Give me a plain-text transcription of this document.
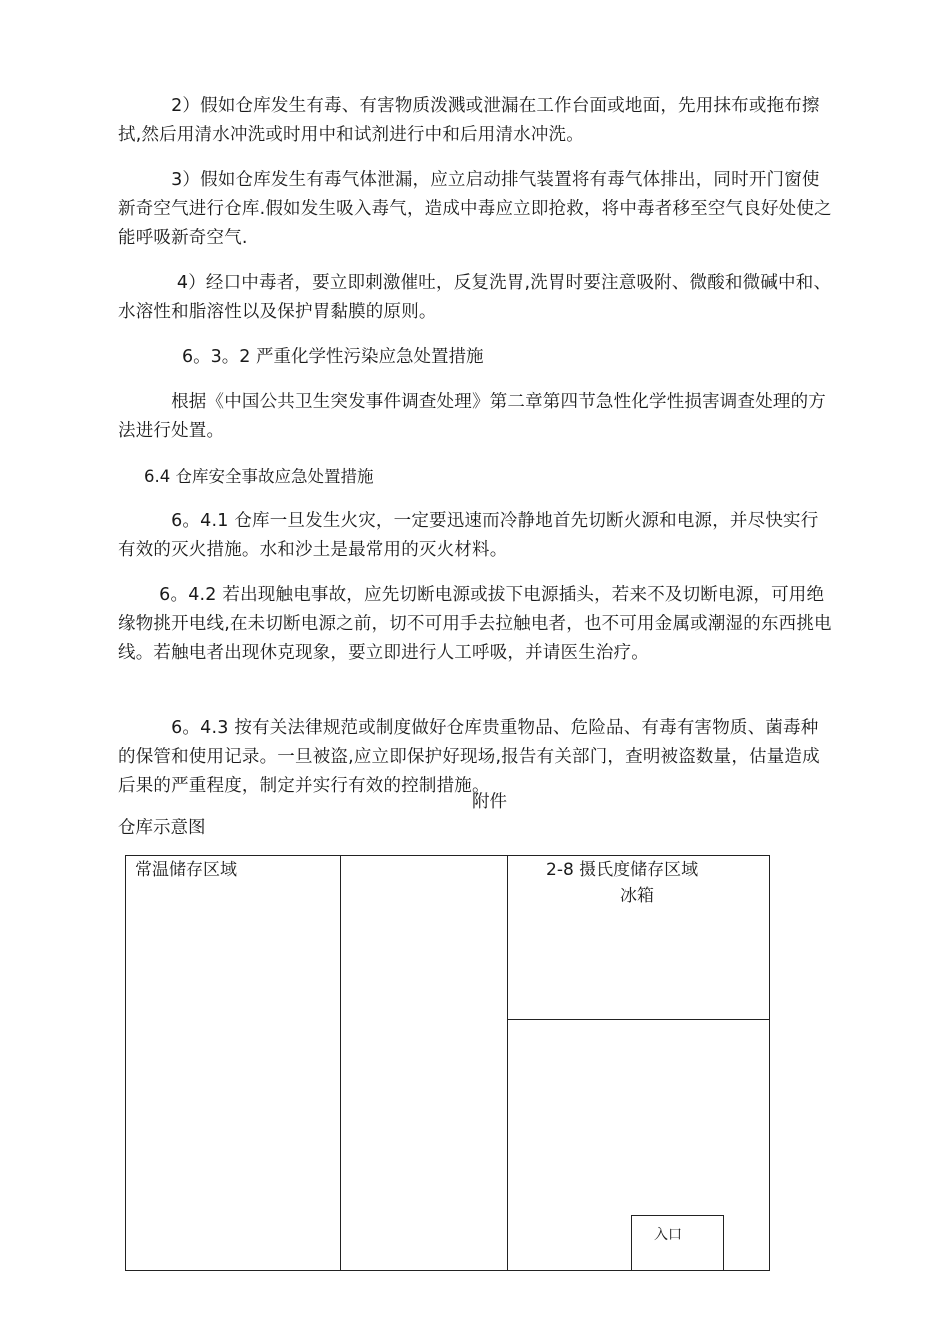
　　　2）假如仓库发生有毒、有害物质泼溅或泄漏在工作台面或地面，先用抹布或拖布擦拭,然后用清水冲洗或时用中和试剂进行中和后用清水冲洗。

　　　3）假如仓库发生有毒气体泄漏，应立启动排气装置将有毒气体排出，同时开门窗使新奇空气进行仓库.假如发生吸入毒气，造成中毒应立即抢救，将中毒者移至空气良好处使之能呼吸新奇空气.

　　　 4）经口中毒者，要立即刺激催吐，反复洗胃,洗胃时要注意吸附、微酸和微碱中和、水溶性和脂溶性以及保护胃黏膜的原则。

6。3。2 严重化学性污染应急处置措施

　　　根据《中国公共卫生突发事件调查处理》第二章第四节急性化学性损害调查处理的方法进行处置。

6.4 仓库安全事故应急处置措施

　　　6。4.1 仓库一旦发生火灾，一定要迅速而冷静地首先切断火源和电源，并尽快实行有效的灭火措施。水和沙土是最常用的灭火材料。

　　 6。4.2 若出现触电事故，应先切断电源或拔下电源插头，若来不及切断电源，可用绝缘物挑开电线,在未切断电源之前，切不可用手去拉触电者，也不可用金属或潮湿的东西挑电线。若触电者出现休克现象，要立即进行人工呼吸，并请医生治疗。

　　　6。4.3 按有关法律规范或制度做好仓库贵重物品、危险品、有毒有害物质、菌毒种的保管和使用记录。一旦被盗,应立即保护好现场,报告有关部门，查明被盗数量，估量造成后果的严重程度，制定并实行有效的控制措施。

附件
仓库示意图
常温储存区域	2-8 摄氏度储存区域
冰箱
入口
